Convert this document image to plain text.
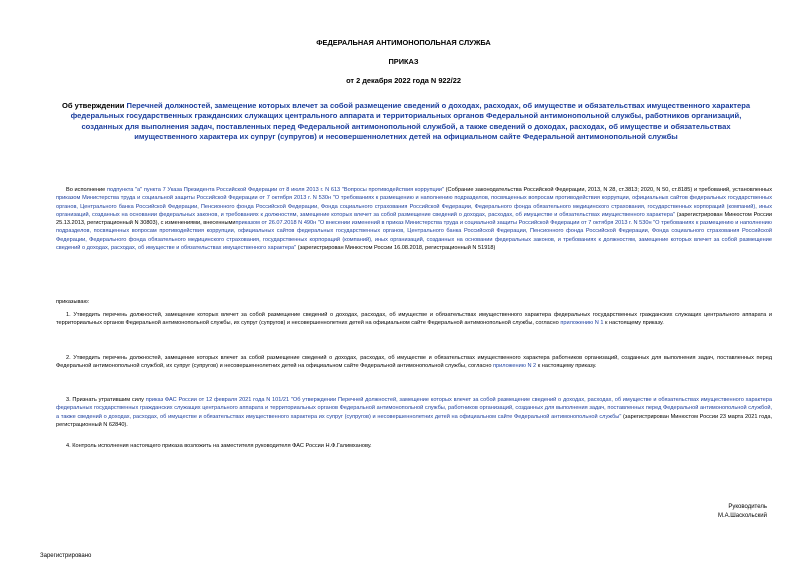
ФЕДЕРАЛЬНАЯ АНТИМОНОПОЛЬНАЯ СЛУЖБА

ПРИКАЗ

от 2 декабря 2022 года N 922/22

Об утверждении Перечней должностей, замещение которых влечет за собой размещение сведений о доходах, расходах, об имуществе и обязательствах имущественного характера федеральных государственных гражданских служащих центрального аппарата и территориальных органов Федеральной антимонопольной службы, работников организаций, созданных для выполнения задач, поставленных перед Федеральной антимонопольной службой, а также сведений о доходах, расходах, об имуществе и обязательствах имущественного характера их супруг (супругов) и несовершеннолетних детей на официальном сайте Федеральной антимонопольной службы

Во исполнение подпункта "а" пункта 7 Указа Президента Российской Федерации от 8 июля 2013 г. N 613 "Вопросы противодействия коррупции" (Собрание законодательства Российской Федерации, 2013, N 28, ст.3813; 2020, N 50, ст.8185) и требований, установленных приказом Министерства труда и социальной защиты Российской Федерации от 7 октября 2013 г. N 530н "О требованиях к размещению и наполнению подразделов, посвященных вопросам противодействия коррупции, официальных сайтов федеральных государственных органов, Центрального банка Российской Федерации, Пенсионного фонда Российской Федерации, Фонда социального страхования Российской Федерации, Федерального фонда обязательного медицинского страхования, государственных корпораций (компаний), иных организаций, созданных на основании федеральных законов, и требованиях к должностям, замещение которых влечет за собой размещение сведений о доходах, расходах, об имуществе и обязательствах имущественного характера" (зарегистрирован Минюстом России 25.13.2013, регистрационный N 30803), с изменениями, внесеннымиприказом от 26.07.2018 N 490н "О внесении изменений в приказ Министерства труда и социальной защиты Российской Федерации от 7 октября 2013 г. N 530н "О требованиях к размещению и наполнению подразделов, посвященных вопросам противодействия коррупции, официальных сайтов федеральных государственных органов, Центрального банка Российской Федерации, Пенсионного фонда Российской Федерации, Фонда социального страхования Российской Федерации, Федерального фонда обязательного медицинского страхования, государственных корпораций (компаний), иных организаций, созданных на основании федеральных законов, и требованиях к должностям, замещение которых влечет за собой размещение сведений о доходах, расходах, об имуществе и обязательствах имущественного характера" (зарегистрирован Минюстом России 16.08.2018, регистрационный N 51918)

приказываю:

1. Утвердить перечень должностей, замещение которых влечет за собой размещение сведений о доходах, расходах, об имуществе и обязательствах имущественного характера федеральных государственных гражданских служащих центрального аппарата и территориальных органов Федеральной антимонопольной службы, их супруг (супругов) и несовершеннолетних детей на официальном сайте Федеральной антимонопольной службы, согласно приложению N 1 к настоящему приказу.

2. Утвердить перечень должностей, замещение которых влечет за собой размещение сведений о доходах, расходах, об имуществе и обязательствах имущественного характера работников организаций, созданных для выполнения задач, поставленных перед Федеральной антимонопольной службой, их супруг (супругов) и несовершеннолетних детей на официальном сайте Федеральной антимонопольной службы, согласно приложению N 2 к настоящему приказу.

3. Признать утратившим силу приказ ФАС России от 12 февраля 2021 года N 101/21 "Об утверждении Перечней должностей, замещение которых влечет за собой размещение сведений о доходах, расходах, об имуществе и обязательствах имущественного характера федеральных государственных гражданских служащих центрального аппарата и территориальных органов Федеральной антимонопольной службы, работников организаций, созданных для выполнения задач, поставленных перед Федеральной антимонопольной службой, а также сведений о доходах, расходах, об имуществе и обязательствах имущественного характера их супруг (супругов) и несовершеннолетних детей на официальном сайте Федеральной антимонопольной службы" (зарегистрирован Минюстом России 23 марта 2021 года, регистрационный N 62840).

4. Контроль исполнения настоящего приказа возложить на заместителя руководителя ФАС России Н.Ф.Галимханову.

Руководитель

М.А.Шаскольский

Зарегистрировано
